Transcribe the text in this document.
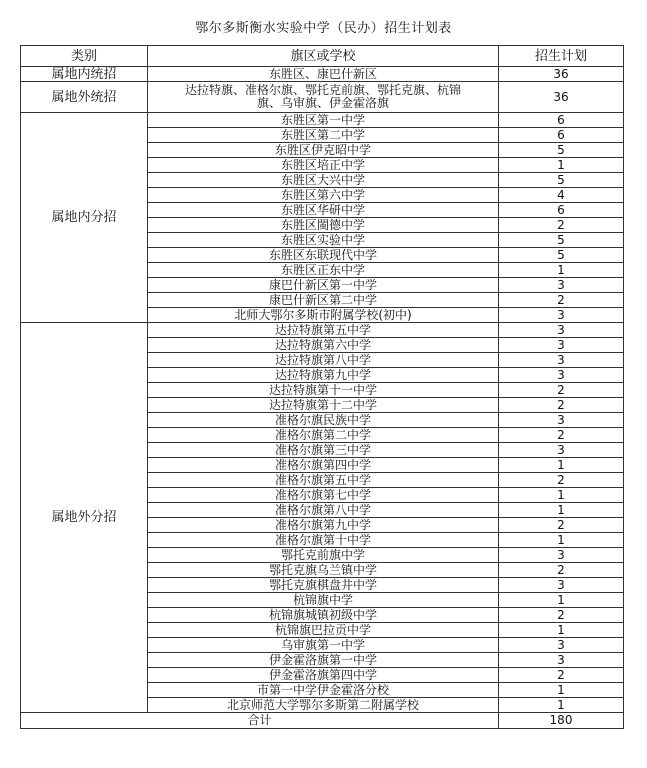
鄂尔多斯衡水实验中学（民办）招生计划表
类别	旗区或学校	招生计划
属地内统招	东胜区、康巴什新区	36
属地外统招	达拉特旗、准格尔旗、鄂托克前旗、鄂托克旗、杭锦旗、乌审旗、伊金霍洛旗	36
属地内分招	东胜区第一中学	6
	东胜区第二中学	6
	东胜区伊克昭中学	5
	东胜区培正中学	1
	东胜区大兴中学	5
	东胜区第六中学	4
	东胜区华研中学	6
	东胜区閩德中学	2
	东胜区实验中学	5
	东胜区东联现代中学	5
	东胜区正东中学	1
	康巴什新区第一中学	3
	康巴什新区第二中学	2
	北师大鄂尔多斯市附属学校(初中)	3
属地外分招	达拉特旗第五中学	3
	达拉特旗第六中学	3
	达拉特旗第八中学	3
	达拉特旗第九中学	3
	达拉特旗第十一中学	2
	达拉特旗第十二中学	2
	准格尔旗民族中学	3
	准格尔旗第二中学	2
	准格尔旗第三中学	3
	准格尔旗第四中学	1
	准格尔旗第五中学	2
	准格尔旗第七中学	1
	准格尔旗第八中学	1
	准格尔旗第九中学	2
	准格尔旗第十中学	1
	鄂托克前旗中学	3
	鄂托克旗乌兰镇中学	2
	鄂托克旗棋盘井中学	3
	杭锦旗中学	1
	杭锦旗城镇初级中学	2
	杭锦旗巴拉贡中学	1
	乌审旗第一中学	3
	伊金霍洛旗第一中学	3
	伊金霍洛旗第四中学	2
	市第一中学伊金霍洛分校	1
	北京师范大学鄂尔多斯第二附属学校	1
合计		180
